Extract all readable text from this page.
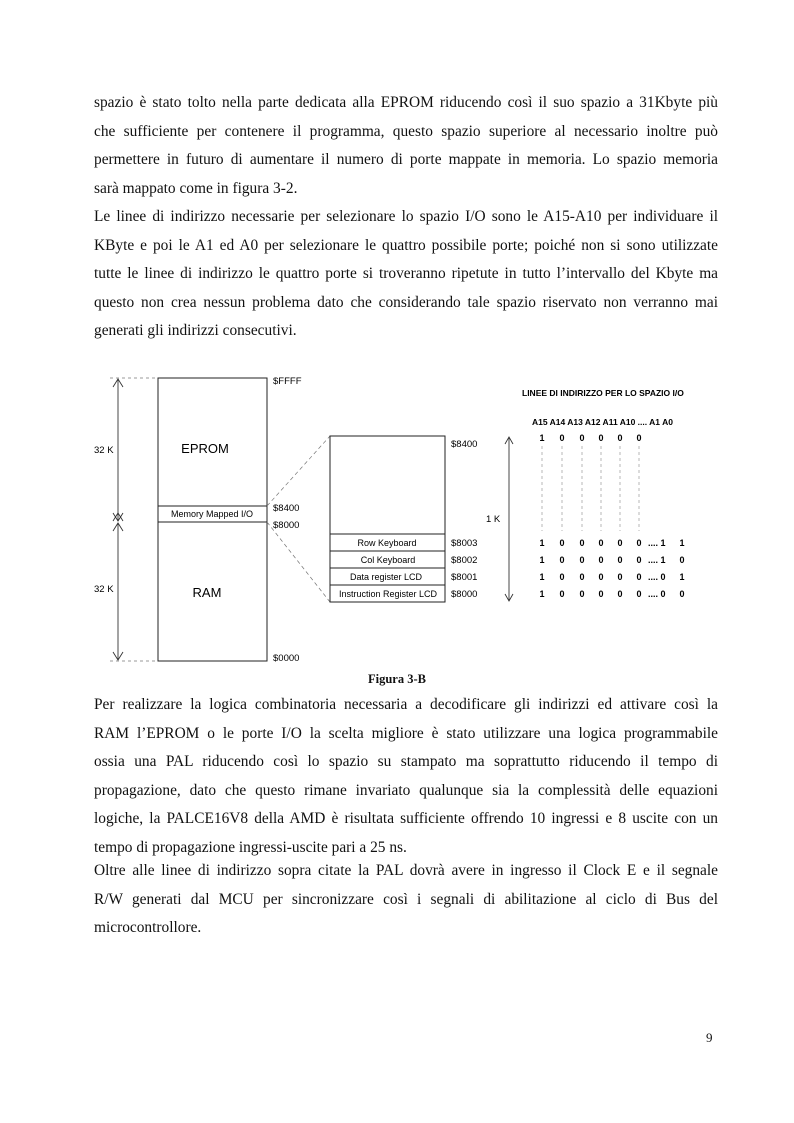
spazio è stato tolto nella parte dedicata alla EPROM riducendo così il suo spazio a 31Kbyte più
che sufficiente per contenere il programma, questo spazio superiore al necessario inoltre può
permettere in futuro di aumentare il numero di porte mappate in memoria. Lo spazio memoria
sarà mappato come in figura 3-2.
Le linee di indirizzo necessarie per selezionare lo spazio I/O sono le A15-A10 per individuare il
KByte e poi le A1 ed A0 per selezionare le quattro possibile porte; poiché non si sono utilizzate
tutte le linee di indirizzo le quattro porte si troveranno ripetute in tutto l’intervallo del Kbyte ma
questo non crea nessun problema dato che considerando tale spazio riservato non verranno mai
generati gli indirizzi consecutivi.
32 K
32 K
EPROM
Memory Mapped I/O
RAM
$FFFF
$8400
$8000
$0000
$8400
Row Keyboard
Col Keyboard
Data register LCD
Instruction Register LCD
$8003
$8002
$8001
$8000
1 K
LINEE DI INDIRIZZO PER LO SPAZIO I/O
A15 A14 A13 A12 A11 A10 .... A1 A0
1 0 0 0 0 0
1 0 0 0 0 0 .... 1 1
1 0 0 0 0 0 .... 1 0
1 0 0 0 0 0 .... 0 1
1 0 0 0 0 0 .... 0 0
Figura 3-B
Per realizzare la logica combinatoria necessaria a decodificare gli indirizzi ed attivare così la
RAM l’EPROM o le porte I/O la scelta migliore è stato utilizzare una logica programmabile
ossia una PAL riducendo così lo spazio su stampato ma soprattutto riducendo il tempo di
propagazione, dato che questo rimane invariato qualunque sia la complessità delle equazioni
logiche, la PALCE16V8 della AMD è risultata sufficiente offrendo 10 ingressi e 8 uscite con un
tempo di propagazione ingressi-uscite pari a 25 ns.
Oltre alle linee di indirizzo sopra citate la PAL dovrà avere in ingresso il Clock E e il segnale
R/W generati dal MCU per sincronizzare così i segnali di abilitazione al ciclo di Bus del
microcontrollore.
9
